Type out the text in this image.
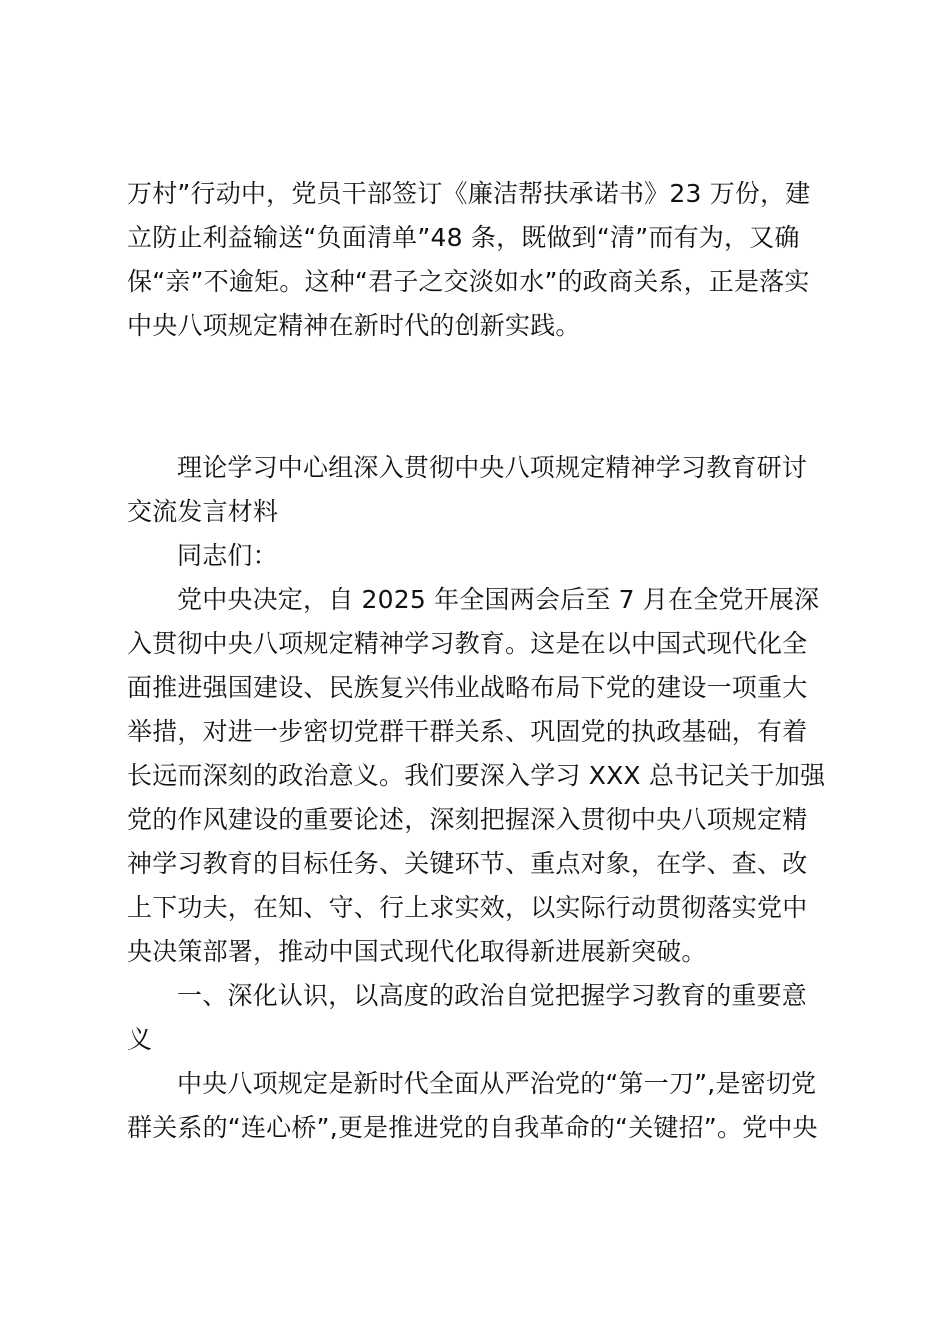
万村”行动中，党员干部签订《廉洁帮扶承诺书》23 万份，建
立防止利益输送“负面清单”48 条，既做到“清”而有为，又确
保“亲”不逾矩。这种“君子之交淡如水”的政商关系，正是落实
中央八项规定精神在新时代的创新实践。
理论学习中心组深入贯彻中央八项规定精神学习教育研讨
交流发言材料
同志们：
党中央决定，自 2025 年全国两会后至 7 月在全党开展深
入贯彻中央八项规定精神学习教育。这是在以中国式现代化全
面推进强国建设、民族复兴伟业战略布局下党的建设一项重大
举措，对进一步密切党群干群关系、巩固党的执政基础，有着
长远而深刻的政治意义。我们要深入学习 XXX 总书记关于加强
党的作风建设的重要论述，深刻把握深入贯彻中央八项规定精
神学习教育的目标任务、关键环节、重点对象，在学、查、改
上下功夫，在知、守、行上求实效，以实际行动贯彻落实党中
央决策部署，推动中国式现代化取得新进展新突破。
一、深化认识，以高度的政治自觉把握学习教育的重要意
义
中央八项规定是新时代全面从严治党的“第一刀”,是密切党
群关系的“连心桥”,更是推进党的自我革命的“关键招”。党中央
